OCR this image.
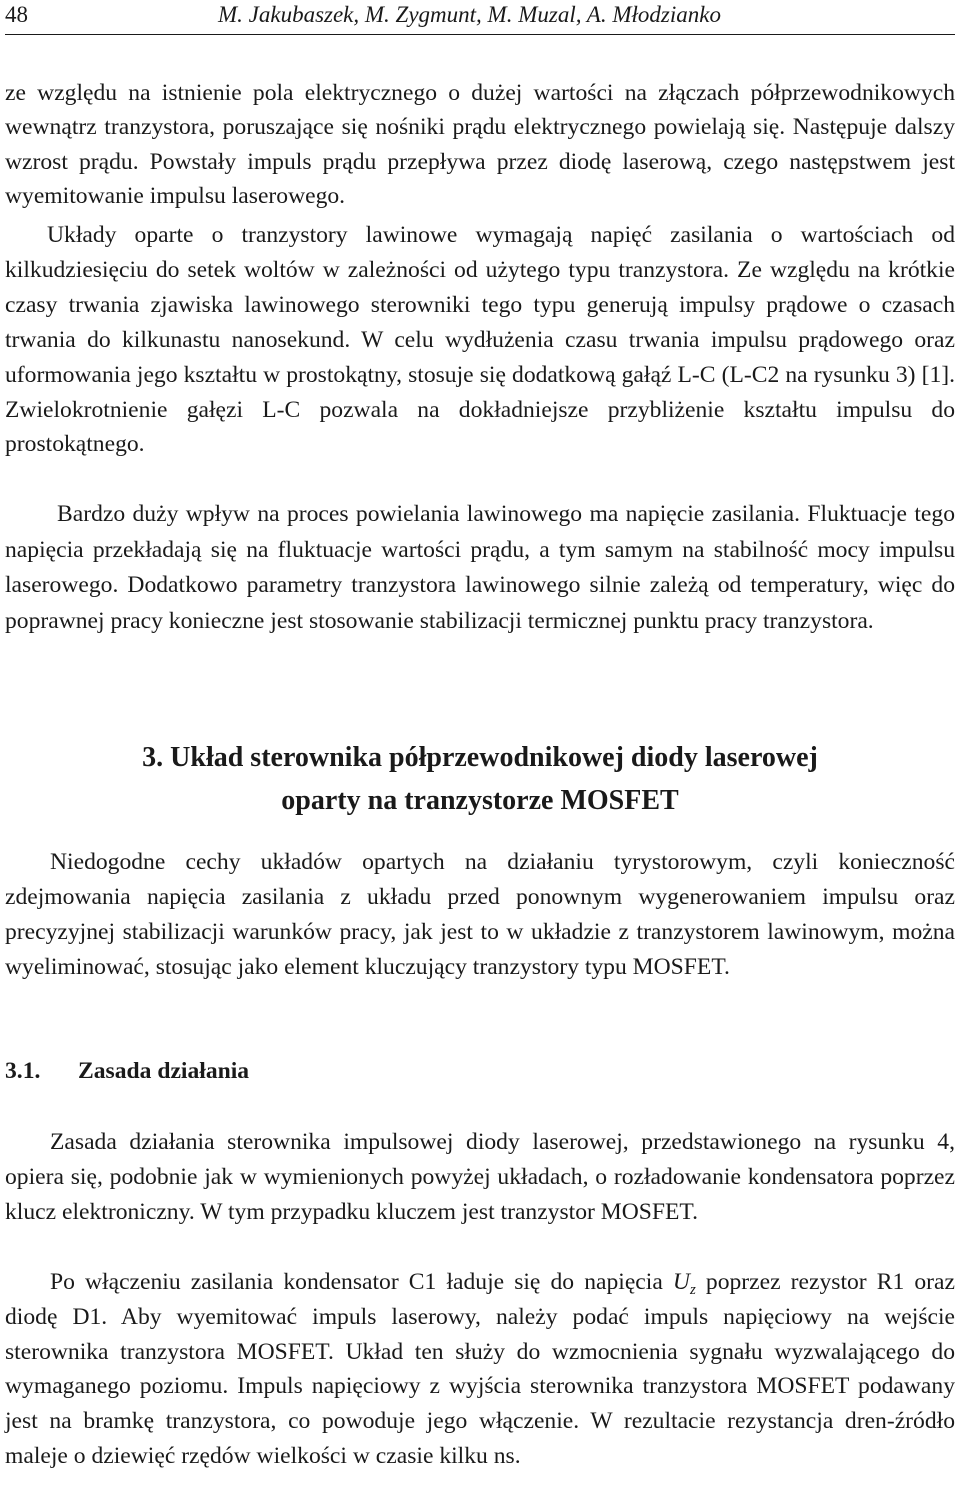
48	M. Jakubaszek, M. Zygmunt, M. Muzal, A. Młodzianko

ze względu na istnienie pola elektrycznego o dużej wartości na złączach półprzewodnikowych wewnątrz tranzystora, poruszające się nośniki prądu elektrycznego powielają się. Następuje dalszy wzrost prądu. Powstały impuls prądu przepływa przez diodę laserową, czego następstwem jest wyemitowanie impulsu laserowego.

Układy oparte o tranzystory lawinowe wymagają napięć zasilania o wartościach od kilkudziesięciu do setek woltów w zależności od użytego typu tranzystora. Ze względu na krótkie czasy trwania zjawiska lawinowego sterowniki tego typu generują impulsy prądowe o czasach trwania do kilkunastu nanosekund. W celu wydłużenia czasu trwania impulsu prądowego oraz uformowania jego kształtu w prostokątny, stosuje się dodatkową gałąź L-C (L-C2 na rysunku 3) [1]. Zwielokrotnienie gałęzi L-C pozwala na dokładniejsze przybliżenie kształtu impulsu do prostokątnego.

Bardzo duży wpływ na proces powielania lawinowego ma napięcie zasilania. Fluktuacje tego napięcia przekładają się na fluktuacje wartości prądu, a tym samym na stabilność mocy impulsu laserowego. Dodatkowo parametry tranzystora lawinowego silnie zależą od temperatury, więc do poprawnej pracy konieczne jest stosowanie stabilizacji termicznej punktu pracy tranzystora.

3. Układ sterownika półprzewodnikowej diody laserowej
oparty na tranzystorze MOSFET

Niedogodne cechy układów opartych na działaniu tyrystorowym, czyli konieczność zdejmowania napięcia zasilania z układu przed ponownym wygenerowaniem impulsu oraz precyzyjnej stabilizacji warunków pracy, jak jest to w układzie z tranzystorem lawinowym, można wyeliminować, stosując jako element kluczujący tranzystory typu MOSFET.

3.1. Zasada działania

Zasada działania sterownika impulsowej diody laserowej, przedstawionego na rysunku 4, opiera się, podobnie jak w wymienionych powyżej układach, o rozładowanie kondensatora poprzez klucz elektroniczny. W tym przypadku kluczem jest tranzystor MOSFET.

Po włączeniu zasilania kondensator C1 ładuje się do napięcia $U_z$ poprzez rezystor R1 oraz diodę D1. Aby wyemitować impuls laserowy, należy podać impuls napięciowy na wejście sterownika tranzystora MOSFET. Układ ten służy do wzmocnienia sygnału wyzwalającego do wymaganego poziomu. Impuls napięciowy z wyjścia sterownika tranzystora MOSFET podawany jest na bramkę tranzystora, co powoduje jego włączenie. W rezultacie rezystancja dren-źródło maleje o dziewięć rzędów wielkości w czasie kilku ns.
